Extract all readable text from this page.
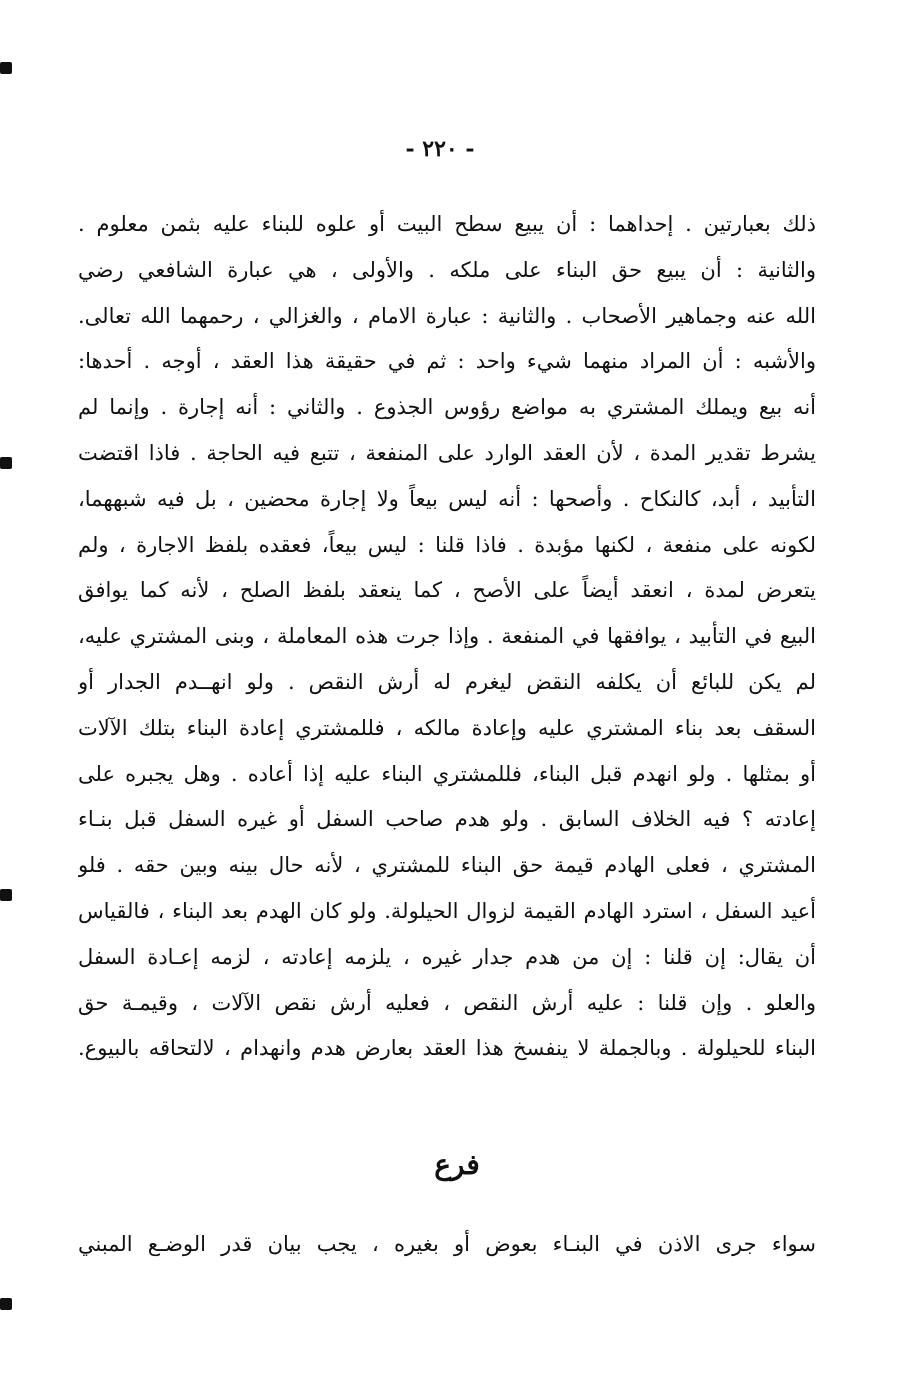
- ٢٢٠ -
ذلك بعبارتين . إحداهما : أن يبيع سطح البيت أو علوه للبناء عليه بثمن معلوم .
والثانية : أن يبيع حق البناء على ملكه . والأولى ، هي عبارة الشافعي رضي
الله عنه وجماهير الأصحاب . والثانية : عبارة الامام ، والغزالي ، رحمهما الله تعالى.
والأشبه : أن المراد منهما شيء واحد : ثم في حقيقة هذا العقد ، أوجه . أحدها:
أنه بيع ويملك المشتري به مواضع رؤوس الجذوع . والثاني : أنه إجارة . وإنما لم
يشرط تقدير المدة ، لأن العقد الوارد على المنفعة ، تتبع فيه الحاجة . فاذا اقتضت
التأبيد ، أبد، كالنكاح . وأصحها : أنه ليس بيعاً ولا إجارة محضين ، بل فيه شبههما،
لكونه على منفعة ، لكنها مؤبدة . فاذا قلنا : ليس بيعاً، فعقده بلفظ الاجارة ، ولم
يتعرض لمدة ، انعقد أيضاً على الأصح ، كما ينعقد بلفظ الصلح ، لأنه كما يوافق
البيع في التأبيد ، يوافقها في المنفعة . وإذا جرت هذه المعاملة ، وبنى المشتري عليه،
لم يكن للبائع أن يكلفه النقض ليغرم له أرش النقص . ولو انهــدم الجدار أو
السقف بعد بناء المشتري عليه وإعادة مالكه ، فللمشتري إعادة البناء بتلك الآلات
أو بمثلها . ولو انهدم قبل البناء، فللمشتري البناء عليه إذا أعاده . وهل يجبره على
إعادته ؟ فيه الخلاف السابق . ولو هدم صاحب السفل أو غيره السفل قبل بنـاء
المشتري ، فعلى الهادم قيمة حق البناء للمشتري ، لأنه حال بينه وبين حقه . فلو
أعيد السفل ، استرد الهادم القيمة لزوال الحيلولة. ولو كان الهدم بعد البناء ، فالقياس
أن يقال: إن قلنا : إن من هدم جدار غيره ، يلزمه إعادته ، لزمه إعـادة السفل
والعلو . وإن قلنا : عليه أرش النقص ، فعليه أرش نقص الآلات ، وقيمـة حق
البناء للحيلولة . وبالجملة لا ينفسخ هذا العقد بعارض هدم وانهدام ، لالتحاقه بالبيوع.
فرع
سواء جرى الاذن في البنـاء بعوض أو بغيره ، يجب بيان قدر الوضـع المبني
